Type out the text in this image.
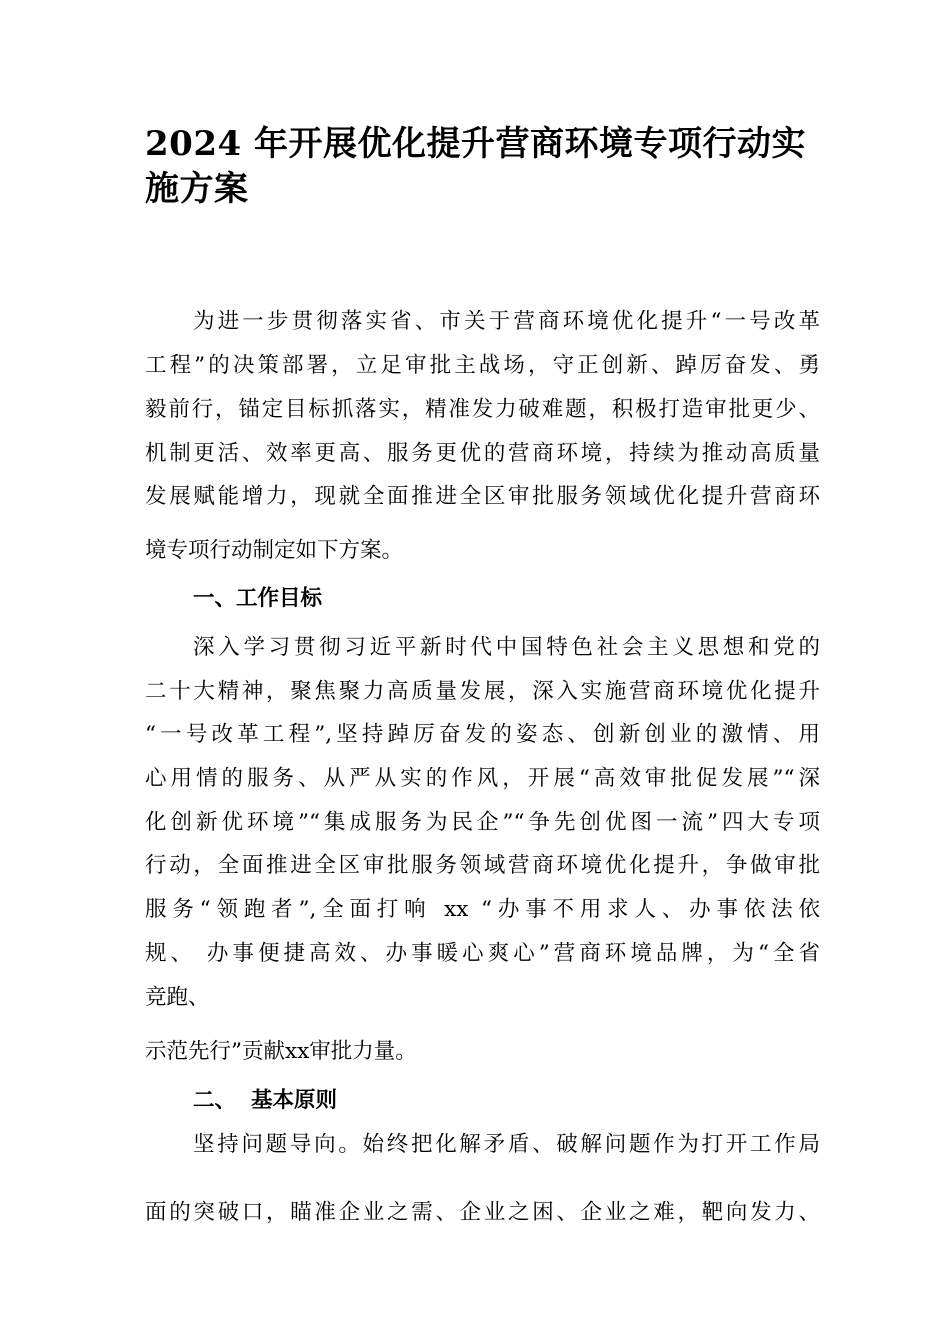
2024 年开展优化提升营商环境专项行动实
施方案

为进一步贯彻落实省、市关于营商环境优化提升“一号改革

工程”的决策部署，立足审批主战场，守正创新、踔厉奋发、勇

毅前行，锚定目标抓落实，精准发力破难题，积极打造审批更少、

机制更活、效率更高、服务更优的营商环境，持续为推动高质量

发展赋能增力，现就全面推进全区审批服务领域优化提升营商环

境专项行动制定如下方案。

一、工作目标

深入学习贯彻习近平新时代中国特色社会主义思想和党的

二十大精神，聚焦聚力高质量发展，深入实施营商环境优化提升

“一号改革工程”,坚持踔厉奋发的姿态、创新创业的激情、用

心用情的服务、从严从实的作风，开展“高效审批促发展”“深

化创新优环境”“集成服务为民企”“争先创优图一流”四大专项

行动，全面推进全区审批服务领域营商环境优化提升，争做审批

服务“领跑者”,全面打响 xx “办事不用求人、办事依法依

规、 办事便捷高效、办事暖心爽心”营商环境品牌，为“全省

竞跑、

示范先行”贡献xx审批力量。

二、  基本原则

坚持问题导向。始终把化解矛盾、破解问题作为打开工作局

面的突破口，瞄准企业之需、企业之困、企业之难，靶向发力、
